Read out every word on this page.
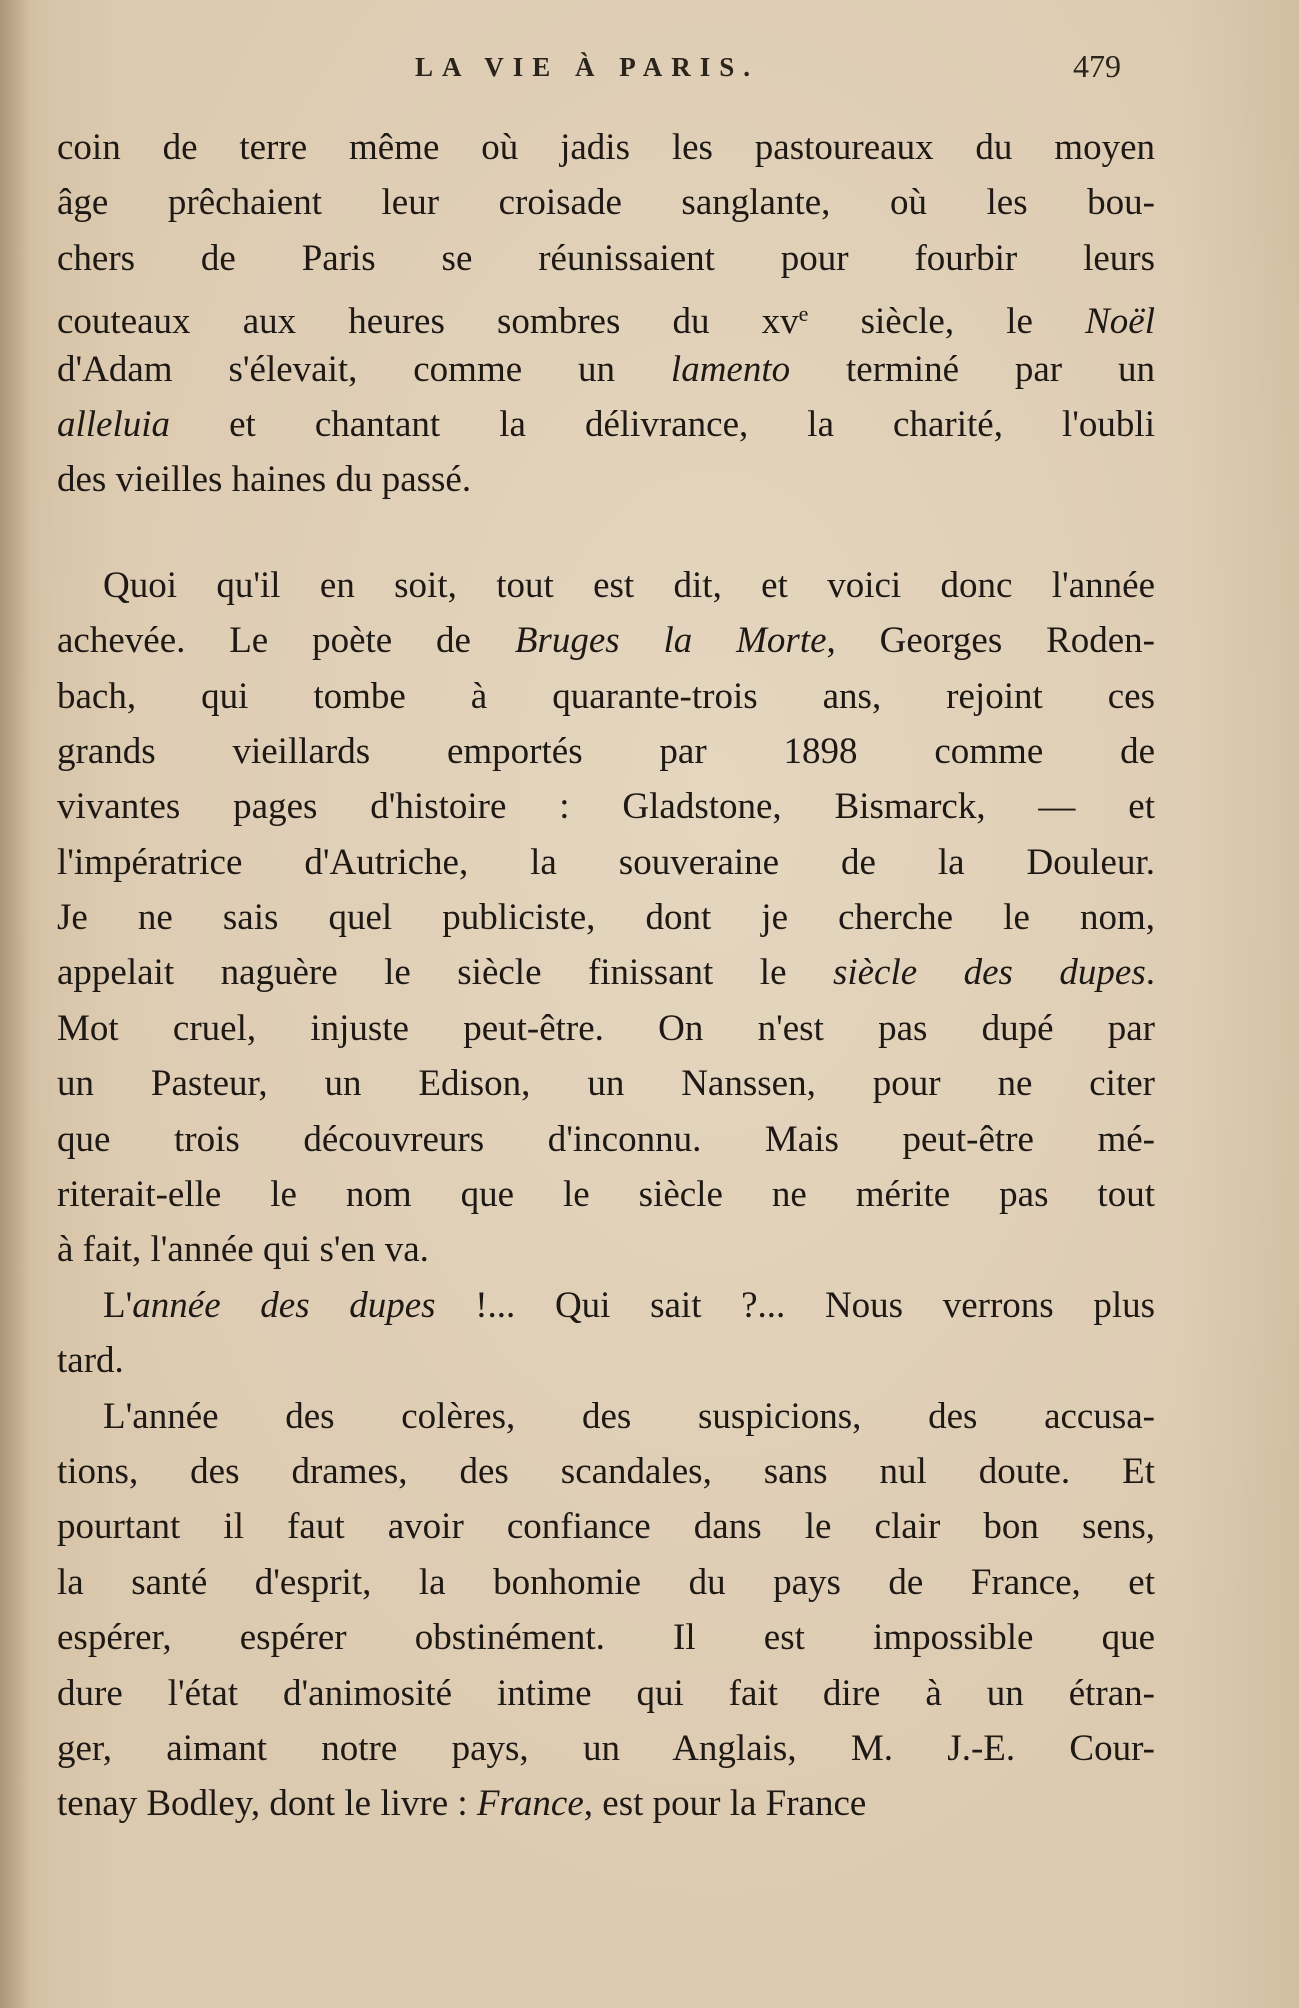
LA VIE À PARIS.	479
coin de terre même où jadis les pastoureaux du moyen
âge prêchaient leur croisade sanglante, où les bou-
chers de Paris se réunissaient pour fourbir leurs
couteaux aux heures sombres du $xv^e$ siècle, le Noël
d'Adam s'élevait, comme un lamento terminé par un
alleluia et chantant la délivrance, la charité, l'oubli
des vieilles haines du passé.
Quoi qu'il en soit, tout est dit, et voici donc l'année
achevée. Le poète de Bruges la Morte, Georges Roden-
bach, qui tombe à quarante-trois ans, rejoint ces
grands vieillards emportés par 1898 comme de
vivantes pages d'histoire : Gladstone, Bismarck, — et
l'impératrice d'Autriche, la souveraine de la Douleur.
Je ne sais quel publiciste, dont je cherche le nom,
appelait naguère le siècle finissant le siècle des dupes.
Mot cruel, injuste peut-être. On n'est pas dupé par
un Pasteur, un Edison, un Nanssen, pour ne citer
que trois découvreurs d'inconnu. Mais peut-être mé-
riterait-elle le nom que le siècle ne mérite pas tout
à fait, l'année qui s'en va.
L'année des dupes !... Qui sait ?... Nous verrons plus
tard.
L'année des colères, des suspicions, des accusa-
tions, des drames, des scandales, sans nul doute. Et
pourtant il faut avoir confiance dans le clair bon sens,
la santé d'esprit, la bonhomie du pays de France, et
espérer, espérer obstinément. Il est impossible que
dure l'état d'animosité intime qui fait dire à un étran-
ger, aimant notre pays, un Anglais, M. J.-E. Cour-
tenay Bodley, dont le livre : France, est pour la France
